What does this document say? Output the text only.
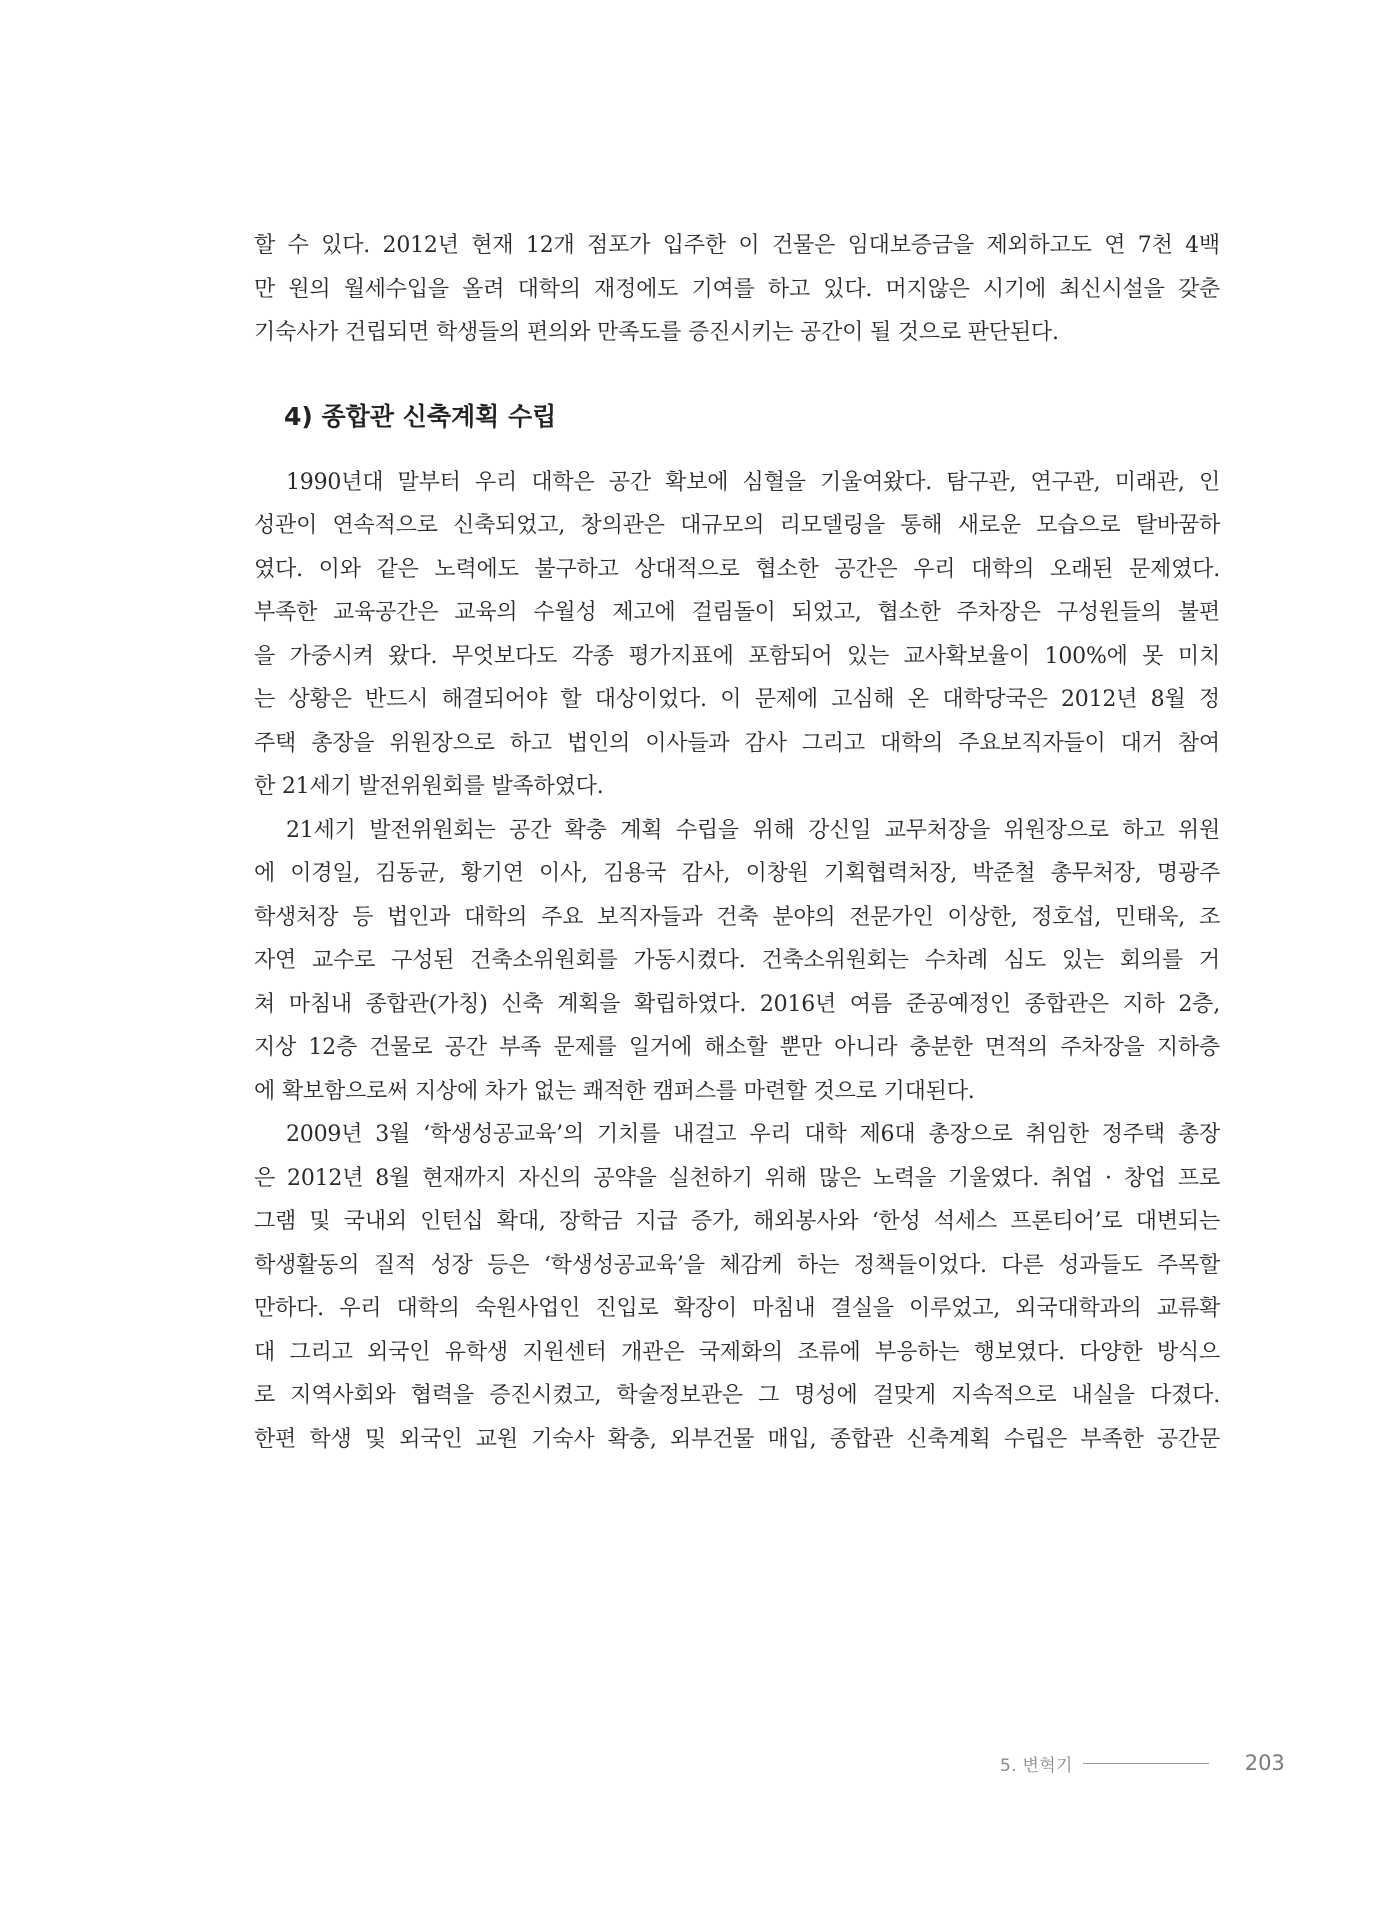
할 수 있다. 2012년 현재 12개 점포가 입주한 이 건물은 임대보증금을 제외하고도 연 7천 4백
만 원의 월세수입을 올려 대학의 재정에도 기여를 하고 있다. 머지않은 시기에 최신시설을 갖춘
기숙사가 건립되면 학생들의 편의와 만족도를 증진시키는 공간이 될 것으로 판단된다.
4) 종합관 신축계획 수립
1990년대 말부터 우리 대학은 공간 확보에 심혈을 기울여왔다. 탐구관, 연구관, 미래관, 인
성관이 연속적으로 신축되었고, 창의관은 대규모의 리모델링을 통해 새로운 모습으로 탈바꿈하
였다. 이와 같은 노력에도 불구하고 상대적으로 협소한 공간은 우리 대학의 오래된 문제였다.
부족한 교육공간은 교육의 수월성 제고에 걸림돌이 되었고, 협소한 주차장은 구성원들의 불편
을 가중시켜 왔다. 무엇보다도 각종 평가지표에 포함되어 있는 교사확보율이 100%에 못 미치
는 상황은 반드시 해결되어야 할 대상이었다. 이 문제에 고심해 온 대학당국은 2012년 8월 정
주택 총장을 위원장으로 하고 법인의 이사들과 감사 그리고 대학의 주요보직자들이 대거 참여
한 21세기 발전위원회를 발족하였다.
21세기 발전위원회는 공간 확충 계획 수립을 위해 강신일 교무처장을 위원장으로 하고 위원
에 이경일, 김동균, 황기연 이사, 김용국 감사, 이창원 기획협력처장, 박준철 총무처장, 명광주
학생처장 등 법인과 대학의 주요 보직자들과 건축 분야의 전문가인 이상한, 정호섭, 민태욱, 조
자연 교수로 구성된 건축소위원회를 가동시켰다. 건축소위원회는 수차례 심도 있는 회의를 거
쳐 마침내 종합관(가칭) 신축 계획을 확립하였다. 2016년 여름 준공예정인 종합관은 지하 2층,
지상 12층 건물로 공간 부족 문제를 일거에 해소할 뿐만 아니라 충분한 면적의 주차장을 지하층
에 확보함으로써 지상에 차가 없는 쾌적한 캠퍼스를 마련할 것으로 기대된다.
2009년 3월 ‘학생성공교육’의 기치를 내걸고 우리 대학 제6대 총장으로 취임한 정주택 총장
은 2012년 8월 현재까지 자신의 공약을 실천하기 위해 많은 노력을 기울였다. 취업 · 창업 프로
그램 및 국내외 인턴십 확대, 장학금 지급 증가, 해외봉사와 ‘한성 석세스 프론티어’로 대변되는
학생활동의 질적 성장 등은 ‘학생성공교육’을 체감케 하는 정책들이었다. 다른 성과들도 주목할
만하다. 우리 대학의 숙원사업인 진입로 확장이 마침내 결실을 이루었고, 외국대학과의 교류확
대 그리고 외국인 유학생 지원센터 개관은 국제화의 조류에 부응하는 행보였다. 다양한 방식으
로 지역사회와 협력을 증진시켰고, 학술정보관은 그 명성에 걸맞게 지속적으로 내실을 다졌다.
한편 학생 및 외국인 교원 기숙사 확충, 외부건물 매입, 종합관 신축계획 수립은 부족한 공간문
5. 변혁기	203
